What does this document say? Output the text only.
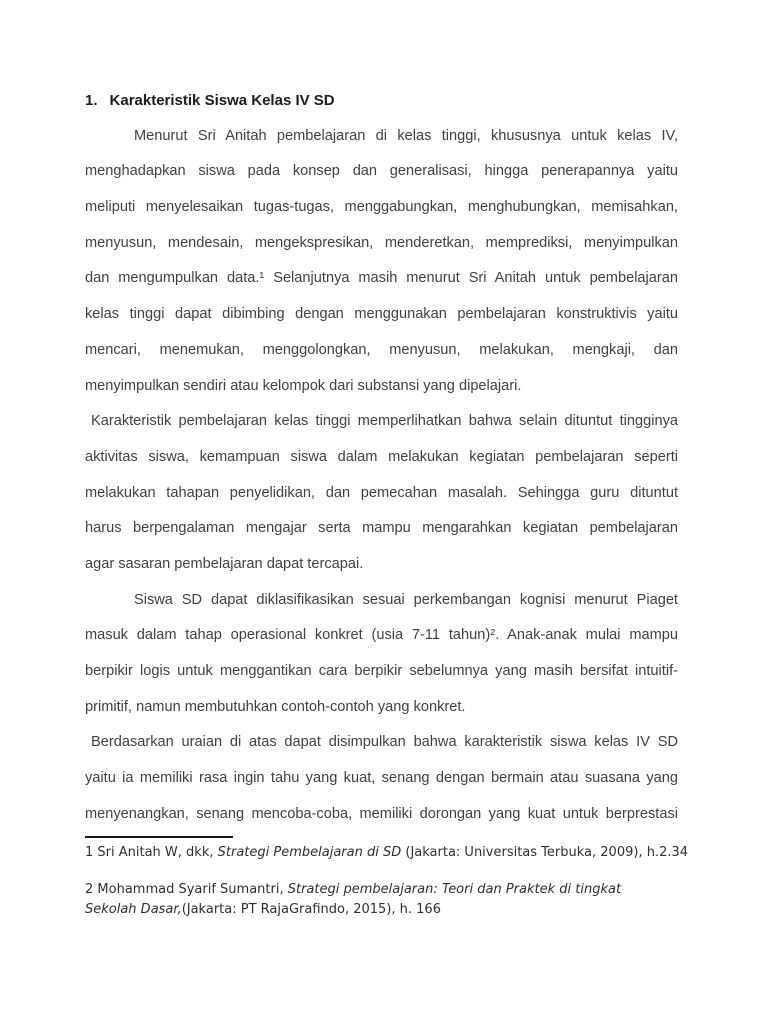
1. Karakteristik Siswa Kelas IV SD
Menurut Sri Anitah pembelajaran di kelas tinggi, khususnya untuk kelas IV,
menghadapkan siswa pada konsep dan generalisasi, hingga penerapannya yaitu
meliputi menyelesaikan tugas-tugas, menggabungkan, menghubungkan, memisahkan,
menyusun, mendesain, mengekspresikan, menderetkan, memprediksi, menyimpulkan
dan mengumpulkan data.¹ Selanjutnya masih menurut Sri Anitah untuk pembelajaran
kelas tinggi dapat dibimbing dengan menggunakan pembelajaran konstruktivis yaitu
mencari, menemukan, menggolongkan, menyusun, melakukan, mengkaji, dan
menyimpulkan sendiri atau kelompok dari substansi yang dipelajari.
Karakteristik pembelajaran kelas tinggi memperlihatkan bahwa selain dituntut tingginya
aktivitas siswa, kemampuan siswa dalam melakukan kegiatan pembelajaran seperti
melakukan tahapan penyelidikan, dan pemecahan masalah. Sehingga guru dituntut
harus berpengalaman mengajar serta mampu mengarahkan kegiatan pembelajaran
agar sasaran pembelajaran dapat tercapai.
Siswa SD dapat diklasifikasikan sesuai perkembangan kognisi menurut Piaget
masuk dalam tahap operasional konkret (usia 7-11 tahun)². Anak-anak mulai mampu
berpikir logis untuk menggantikan cara berpikir sebelumnya yang masih bersifat intuitif-
primitif, namun membutuhkan contoh-contoh yang konkret.
Berdasarkan uraian di atas dapat disimpulkan bahwa karakteristik siswa kelas IV SD
yaitu ia memiliki rasa ingin tahu yang kuat, senang dengan bermain atau suasana yang
menyenangkan, senang mencoba-coba, memiliki dorongan yang kuat untuk berprestasi
1 Sri Anitah W, dkk, Strategi Pembelajaran di SD (Jakarta: Universitas Terbuka, 2009), h.2.34
2 Mohammad Syarif Sumantri, Strategi pembelajaran: Teori dan Praktek di tingkat
Sekolah Dasar,(Jakarta: PT RajaGrafindo, 2015), h. 166
